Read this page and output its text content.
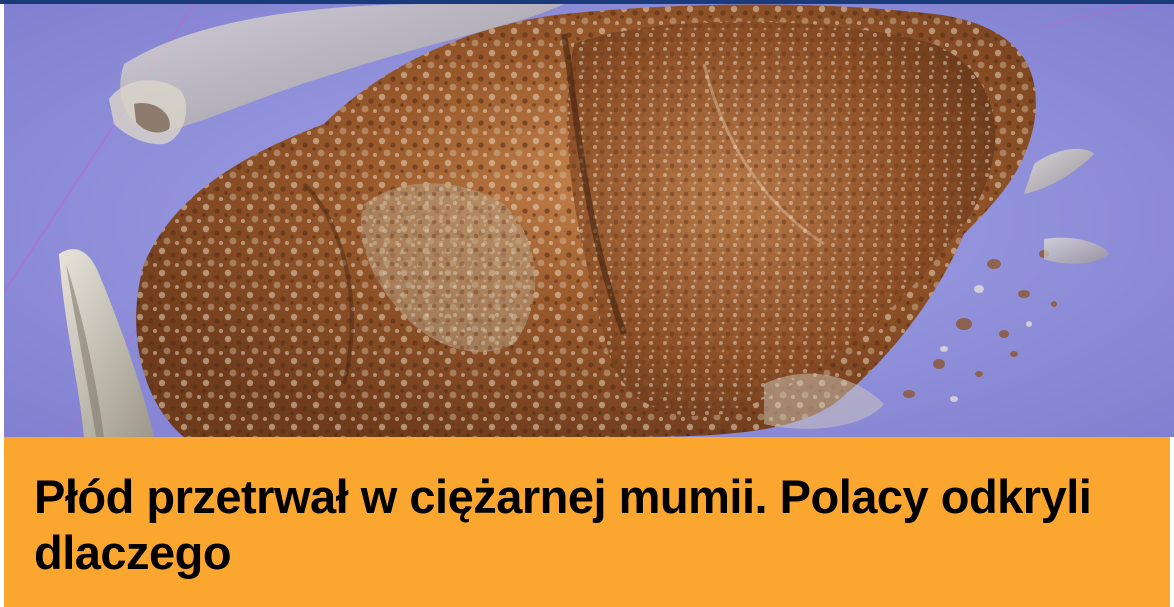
Płód przetrwał w ciężarnej mumii. Polacy odkryli dlaczego
